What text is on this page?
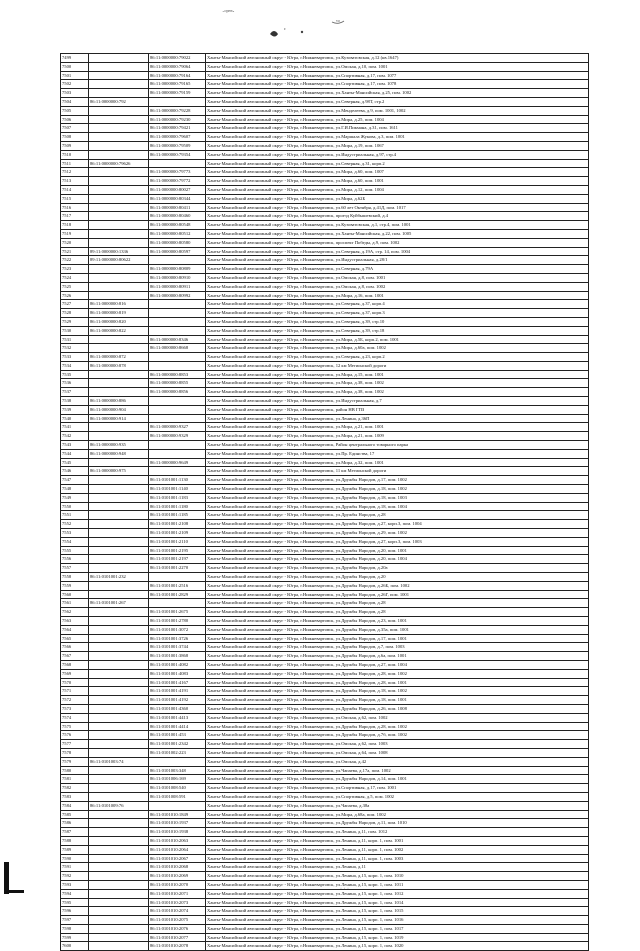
·ᵒᵖᵉⁿ·
ᵋ
ᵛᵒ
7499		86:11:0000000:79022	Ханты-Мансийский автономный округ - Югра, г.Нижневартовск, ул.Кузоватовская, д.12 (кв.1647)
7500		86:11:0000000:79064	Ханты-Мансийский автономный округ - Югра, г.Нижневартовск, ул.Омская, д.10, пом. 1001
7501		86:11:0000000:79164	Ханты-Мансийский автономный округ - Югра, г.Нижневартовск, ул.Спортивная, д.17, пом. 1077
7502		86:11:0000000:79165	Ханты-Мансийский автономный округ - Югра, г.Нижневартовск, ул.Спортивная, д.17, пом. 1078
7503		86:11:0000000:79159	Ханты-Мансийский автономный округ - Югра, г.Нижневартовск, ул.Ханты-Мансийская, д.25, пом. 1002
7504	86:11:0000000:792		Ханты-Мансийский автономный округ - Югра, г.Нижневартовск, ул.Северная, д.98Т, стр.2
7505		86:11:0000000:79228	Ханты-Мансийский автономный округ - Югра, г.Нижневартовск, ул.Менделеева, д.9, пом. 1001, 1002
7506		86:11:0000000:79230	Ханты-Мансийский автономный округ - Югра, г.Нижневартовск, ул.Мира, д.25, пом. 1004
7507		86:11:0000000:79421	Ханты-Мансийский автономный округ - Югра, г.Нижневартовск, ул.Г.И.Пикмана, д.31, пом. 1611
7508		86:11:0000000:79607	Ханты-Мансийский автономный округ - Югра, г.Нижневартовск, ул.Маршала Жукова, д.3, пом. 1001
7509		86:11:0000000:79509	Ханты-Мансийский автономный округ - Югра, г.Нижневартовск, ул.Мира, д.19, пом. 1067
7510		86:11:0000000:79354	Ханты-Мансийский автономный округ - Югра, г.Нижневартовск, ул.Индустриальная, д.97, стр.4
7511	86:11:0000000:79626		Ханты-Мансийский автономный округ - Югра, г.Нижневартовск, ул.Северная, д.31, корп.2
7512		86:11:0000000:79773	Ханты-Мансийский автономный округ - Югра, г.Нижневартовск, ул.Мира, д.60, пом. 1007
7513		86:11:0000000:79772	Ханты-Мансийский автономный округ - Югра, г.Нижневартовск, ул.Мира, д.60, пом. 1001
7514		86:11:0000000:80027	Ханты-Мансийский автономный округ - Югра, г.Нижневартовск, ул.Мира, д.12, пом. 1004
7515		86:11:0000000:80344	Ханты-Мансийский автономный округ - Югра, г.Нижневартовск, ул.Мира, д.62Б
7516		86:11:0000000:80411	Ханты-Мансийский автономный округ - Югра, г.Нижневартовск, ул.60 лет Октября, д.41Д, пом. 1017
7517		86:11:0000000:80460	Ханты-Мансийский автономный округ - Югра, г.Нижневартовск, проезд Куйбышевский, д.4
7518		86:11:0000000:80548	Ханты-Мансийский автономный округ - Югра, г.Нижневартовск, ул.Кузоватовская, д.1, стр.4, пом. 1001
7519		86:11:0000000:80512	Ханты-Мансийский автономный округ - Югра, г.Нижневартовск, ул.Ханты-Мансийская, д.22, пом. 1005
7520		86:11:0000000:80580	Ханты-Мансийский автономный округ - Югра, г.Нижневартовск, проспект Победы, д.9, пом. 1002
7521	89:11:0000000:1336	86:11:0000000:80597	Ханты-Мансийский автономный округ - Югра, г.Нижневартовск, ул.Северная, д.19А, стр. 14, пом. 1004
7522	89:11:0000000:80622		Ханты-Мансийский автономный округ - Югра, г.Нижневартовск, ул.Индустриальная, д.28/1
7523		86:11:0000000:80809	Ханты-Мансийский автономный округ - Югра, г.Нижневартовск, ул.Северная, д.79А
7524		86:11:0000000:80910	Ханты-Мансийский автономный округ - Югра, г.Нижневартовск, ул.Омская, д.8, пом. 1001
7525		86:11:0000000:80911	Ханты-Мансийский автономный округ - Югра, г.Нижневартовск, ул.Омская, д.8, пом. 1002
7526		86:11:0000000:80992	Ханты-Мансийский автономный округ - Югра, г.Нижневартовск, ул.Мира, д.16, пом. 1001
7527	86:11:0000000:816		Ханты-Мансийский автономный округ - Югра, г.Нижневартовск, ул.Северная, д.37, корп.4
7528	86:11:0000000:819		Ханты-Мансийский автономный округ - Югра, г.Нижневартовск, ул.Северная, д.37, корп.3
7529	86:11:0000000:820		Ханты-Мансийский автономный округ - Югра, г.Нижневартовск, ул.Северная, д.39, стр.10
7530	86:11:0000000:822		Ханты-Мансийский автономный округ - Югра, г.Нижневартовск, ул.Северная, д.39, стр.18
7531		86:11:0000000:8346	Ханты-Мансийский автономный округ - Югра, г.Нижневартовск, ул.Мира, д.5Б, корп.2, пом. 1001
7532		86:11:0000000:8668	Ханты-Мансийский автономный округ - Югра, г.Нижневартовск, ул.Мира, д.60а, пом. 1002
7533	86:11:0000000:872		Ханты-Мансийский автономный округ - Югра, г.Нижневартовск, ул.Северная, д.23, корп.2
7534	86:11:0000000:878		Ханты-Мансийский автономный округ - Югра, г.Нижневартовск, 12 км Мегионской дороги
7535		86:11:0000000:8853	Ханты-Мансийский автономный округ - Югра, г.Нижневартовск, ул.Мира, д.15, пом. 1001
7536		86:11:0000000:8855	Ханты-Мансийский автономный округ - Югра, г.Нижневартовск, ул.Мира, д.38, пом. 1002
7537		86:11:0000000:8856	Ханты-Мансийский автономный округ - Югра, г.Нижневартовск, ул.Мира, д.38, пом. 1002
7538	86:11:0000000:886		Ханты-Мансийский автономный округ - Югра, г.Нижневартовск, ул.Индустриальная, д.7
7539	86:11:0000000:904		Ханты-Мансийский автономный округ - Югра, г.Нижневартовск, район НВ ГПЗ
7540	86:11:0000000:914		Ханты-Мансийский автономный округ - Югра, г.Нижневартовск, ул.Ленина, д.36П
7541		86:11:0000000:9327	Ханты-Мансийский автономный округ - Югра, г.Нижневартовск, ул.Мира, д.21, пом. 1001
7542		86:11:0000000:9329	Ханты-Мансийский автономный округ - Югра, г.Нижневартовск, ул.Мира, д.21, пом. 1009
7543	86:11:0000000:935		Ханты-Мансийский автономный округ - Югра, г.Нижневартовск, Район центрального товарного парка
7544	86:11:0000000:948		Ханты-Мансийский автономный округ - Югра, г.Нижневартовск, ул.Пр. Единства, 17
7545		86:11:0000000:9649	Ханты-Мансийский автономный округ - Югра, г.Нижневартовск, ул.Мира, д.32, пом. 1001
7546	86:11:0000000:975		Ханты-Мансийский автономный округ - Югра, г.Нижневартовск, 11 км Мегионской дороги
7547		86:11:0101001:1130	Ханты-Мансийский автономный округ - Югра, г.Нижневартовск, ул.Дружбы Народов, д.17, пом. 1002
7548		86:11:0101001:1140	Ханты-Мансийский автономный округ - Югра, г.Нижневартовск, ул.Дружбы Народов, д.18, пом. 1002
7549		86:11:0101001:1183	Ханты-Мансийский автономный округ - Югра, г.Нижневартовск, ул.Дружбы Народов, д.18, пом. 1003
7550		86:11:0101001:1180	Ханты-Мансийский автономный округ - Югра, г.Нижневартовск, ул.Дружбы Народов, д.18, пом. 1004
7551		86:11:0101001:1185	Ханты-Мансийский автономный округ - Югра, г.Нижневартовск, ул.Дружбы Народов, д.28
7552		86:11:0101001:2108	Ханты-Мансийский автономный округ - Югра, г.Нижневартовск, ул.Дружбы Народов, д.27, корп.3, пом. 1004
7553		86:11:0101001:2109	Ханты-Мансийский автономный округ - Югра, г.Нижневартовск, ул.Дружбы Народов, д.29, пом. 1002
7554		86:11:0101001:2110	Ханты-Мансийский автономный округ - Югра, г.Нижневартовск, ул.Дружбы Народов, д.27, корп.3, пом. 1003
7555		86:11:0101001:2195	Ханты-Мансийский автономный округ - Югра, г.Нижневартовск, ул.Дружбы Народов, д.20, пом. 1001
7556		86:11:0101001:2197	Ханты-Мансийский автономный округ - Югра, г.Нижневартовск, ул.Дружбы Народов, д.20, пом. 1004
7557		86:11:0101001:2270	Ханты-Мансийский автономный округ - Югра, г.Нижневартовск, ул.Дружбы Народов, д.20а
7558	86:11:0101001:232		Ханты-Мансийский автономный округ - Югра, г.Нижневартовск, ул.Дружбы Народов, д.20
7559		86:11:0101001:2516	Ханты-Мансийский автономный округ - Югра, г.Нижневартовск, ул.Дружбы Народов, д.26Б, пом. 1002
7560		86:11:0101001:2829	Ханты-Мансийский автономный округ - Югра, г.Нижневартовск, ул.Дружбы Народов, д.26Г, пом. 1001
7561	86:11:0101001:267		Ханты-Мансийский автономный округ - Югра, г.Нижневартовск, ул.Дружбы Народов, д.28
7562		86:11:0101001:2675	Ханты-Мансийский автономный округ - Югра, г.Нижневартовск, ул.Дружбы Народов, д.28
7563		86:11:0101001:2780	Ханты-Мансийский автономный округ - Югра, г.Нижневартовск, ул.Дружбы Народов, д.23, пом. 1001
7564		86:11:0101001:3072	Ханты-Мансийский автономный округ - Югра, г.Нижневартовск, ул.Дружбы Народов, д.35а, пом. 1001
7565		86:11:0101001:3726	Ханты-Мансийский автономный округ - Югра, г.Нижневартовск, ул.Дружбы Народов, д.17, пом. 1001
7566		86:11:0101001:3744	Ханты-Мансийский автономный округ - Югра, г.Нижневартовск, ул.Дружбы Народов, д.7, пом. 1003
7567		86:11:0101001:3868	Ханты-Мансийский автономный округ - Югра, г.Нижневартовск, ул.Дружбы Народов, д.6а, пом. 1001
7568		86:11:0101001:4082	Ханты-Мансийский автономный округ - Югра, г.Нижневартовск, ул.Дружбы Народов, д.27, пом. 1004
7569		86:11:0101001:4083	Ханты-Мансийский автономный округ - Югра, г.Нижневартовск, ул.Дружбы Народов, д.28, пом. 1002
7570		86:11:0101001:4167	Ханты-Мансийский автономный округ - Югра, г.Нижневартовск, ул.Дружбы Народов, д.28, пом. 1001
7571		86:11:0101001:4191	Ханты-Мансийский автономный округ - Югра, г.Нижневартовск, ул.Дружбы Народов, д.18, пом. 1002
7572		86:11:0101001:4192	Ханты-Мансийский автономный округ - Югра, г.Нижневартовск, ул.Дружбы Народов, д.18, пом. 1001
7573		86:11:0101001:4360	Ханты-Мансийский автономный округ - Югра, г.Нижневартовск, ул.Дружбы Народов, д.26, пом. 1008
7574		86:11:0101001:4413	Ханты-Мансийский автономный округ - Югра, г.Нижневартовск, ул.Омская, д.62, пом. 1002
7575		86:11:0101001:4414	Ханты-Мансийский автономный округ - Югра, г.Нижневартовск, ул.Дружбы Народов, д.28, пом. 1002
7576		86:11:0101001:453	Ханты-Мансийский автономный округ - Югра, г.Нижневартовск, ул.Дружбы Народов, д.7б, пом. 1002
7577		86:11:0101001:2342	Ханты-Мансийский автономный округ - Югра, г.Нижневартовск, ул.Омская, д.62, пом. 1003
7578		86:11:0101002:223	Ханты-Мансийский автономный округ - Югра, г.Нижневартовск, ул.Омская, д.64, пом. 1008
7579	86:11:0101003:74		Ханты-Мансийский автономный округ - Югра, г.Нижневартовск, ул.Омская, д.42
7580		86:11:0101003:348	Ханты-Мансийский автономный округ - Югра, г.Нижневартовск, ул.Чапаева, д.17а, пом. 1002
7581		86:11:0101006:169	Ханты-Мансийский автономный округ - Югра, г.Нижневартовск, ул.Дружбы Народов, д.14, пом. 1001
7582		86:11:0101008:540	Ханты-Мансийский автономный округ - Югра, г.Нижневартовск, ул.Спортивная, д.17, пом. 1001
7583		86:11:0101008:591	Ханты-Мансийский автономный округ - Югра, г.Нижневартовск, ул.Спортивная, д.5, пом. 1002
7584	86:11:0101009:76		Ханты-Мансийский автономный округ - Югра, г.Нижневартовск, ул.Чапаева, д.38а
7585		86:11:0101010:1849	Ханты-Мансийский автономный округ - Югра, г.Нижневартовск, ул.Мира, д.68а, пом. 1002
7586		86:11:0101010:1937	Ханты-Мансийский автономный округ - Югра, г.Нижневартовск, ул.Дружбы Народов, д.11, пом. 1010
7587		86:11:0101010:1938	Ханты-Мансийский автономный округ - Югра, г.Нижневартовск, ул.Ленина, д.11, пом. 1012
7588		86:11:0101010:2063	Ханты-Мансийский автономный округ - Югра, г.Нижневартовск, ул.Ленина, д.11, корп. 1, пом. 1001
7589		86:11:0101010:2064	Ханты-Мансийский автономный округ - Югра, г.Нижневартовск, ул.Ленина, д.11, корп. 1, пом. 1002
7590		86:11:0101010:2067	Ханты-Мансийский автономный округ - Югра, г.Нижневартовск, ул.Ленина, д.11, корп. 1, пом. 1003
7591		86:11:0101010:2068	Ханты-Мансийский автономный округ - Югра, г.Нижневартовск, ул.Ленина, д.11
7592		86:11:0101010:2069	Ханты-Мансийский автономный округ - Югра, г.Нижневартовск, ул.Ленина, д.15, корп. 1, пом. 1010
7593		86:11:0101010:2070	Ханты-Мансийский автономный округ - Югра, г.Нижневартовск, ул.Ленина, д.15, корп. 1, пом. 1011
7594		86:11:0101010:2071	Ханты-Мансийский автономный округ - Югра, г.Нижневартовск, ул.Ленина, д.15, корп. 1, пом. 1012
7595		86:11:0101010:2073	Ханты-Мансийский автономный округ - Югра, г.Нижневартовск, ул.Ленина, д.15, корп. 1, пом. 1014
7596		86:11:0101010:2074	Ханты-Мансийский автономный округ - Югра, г.Нижневартовск, ул.Ленина, д.15, корп. 1, пом. 1015
7597		86:11:0101010:2075	Ханты-Мансийский автономный округ - Югра, г.Нижневартовск, ул.Ленина, д.15, корп. 1, пом. 1016
7598		86:11:0101010:2076	Ханты-Мансийский автономный округ - Югра, г.Нижневартовск, ул.Ленина, д.15, корп. 1, пом. 1017
7599		86:11:0101010:2077	Ханты-Мансийский автономный округ - Югра, г.Нижневартовск, ул.Ленина, д.15, корп. 1, пом. 1019
7600		86:11:0101010:2078	Ханты-Мансийский автономный округ - Югра, г.Нижневартовск, ул.Ленина, д.15, корп. 1, пом. 1020
· · ·
